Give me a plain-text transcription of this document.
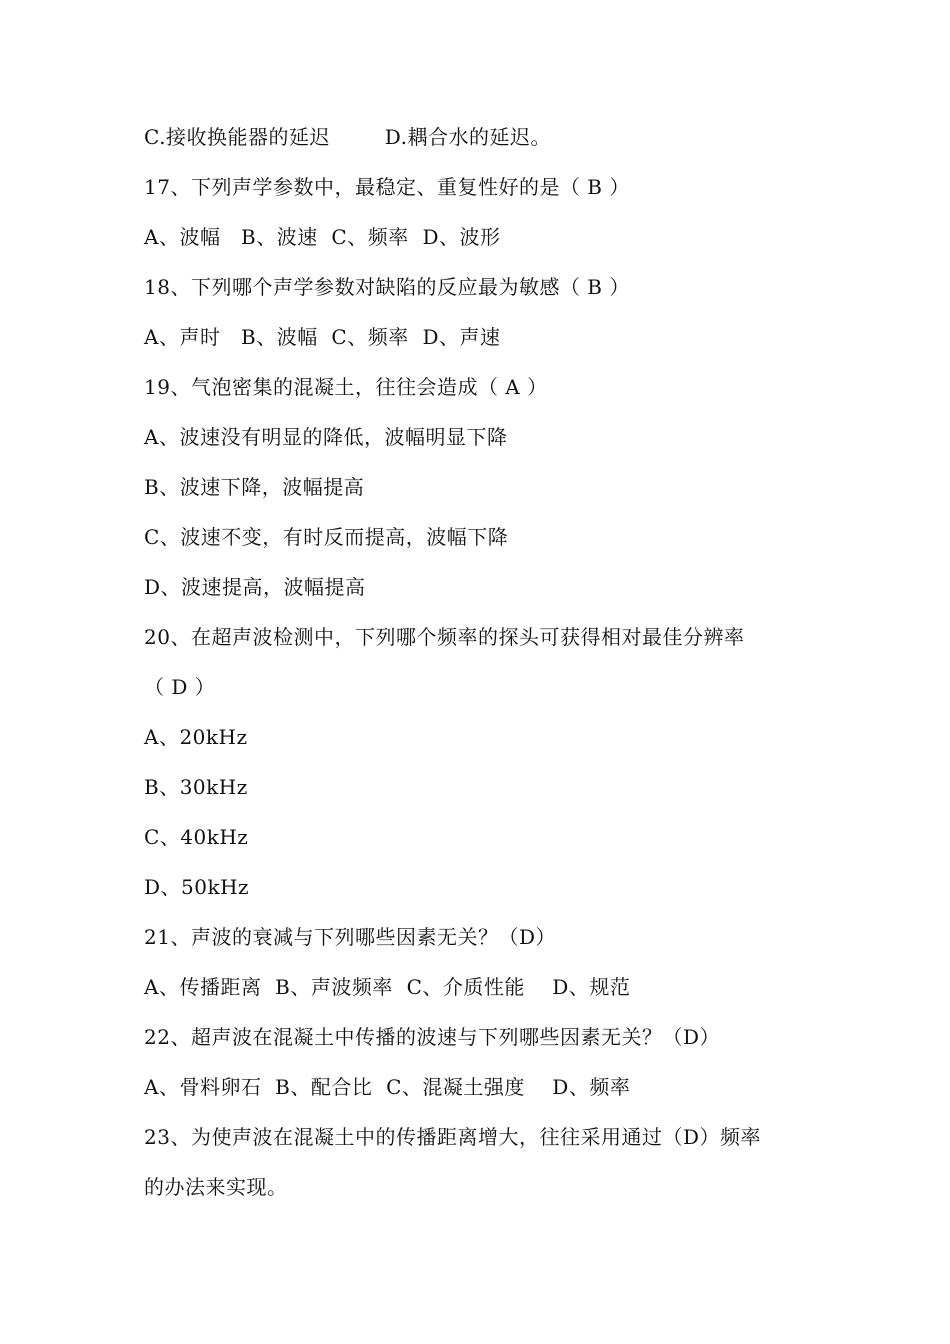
C.接收换能器的延迟        D.耦合水的延迟。
17、下列声学参数中，最稳定、重复性好的是（ B ）
A、波幅   B、波速  C、频率  D、波形
18、下列哪个声学参数对缺陷的反应最为敏感（ B ）
A、声时   B、波幅  C、频率  D、声速
19、气泡密集的混凝土，往往会造成（ A ）
A、波速没有明显的降低，波幅明显下降
B、波速下降，波幅提高
C、波速不变，有时反而提高，波幅下降
D、波速提高，波幅提高
20、在超声波检测中，下列哪个频率的探头可获得相对最佳分辨率
（ D ）
A、20kHz
B、30kHz
C、40kHz
D、50kHz
21、声波的衰减与下列哪些因素无关？（D）
A、传播距离  B、声波频率  C、介质性能    D、规范
22、超声波在混凝土中传播的波速与下列哪些因素无关？（D）
A、骨料卵石  B、配合比  C、混凝土强度    D、频率
23、为使声波在混凝土中的传播距离增大，往往采用通过（D）频率
的办法来实现。
